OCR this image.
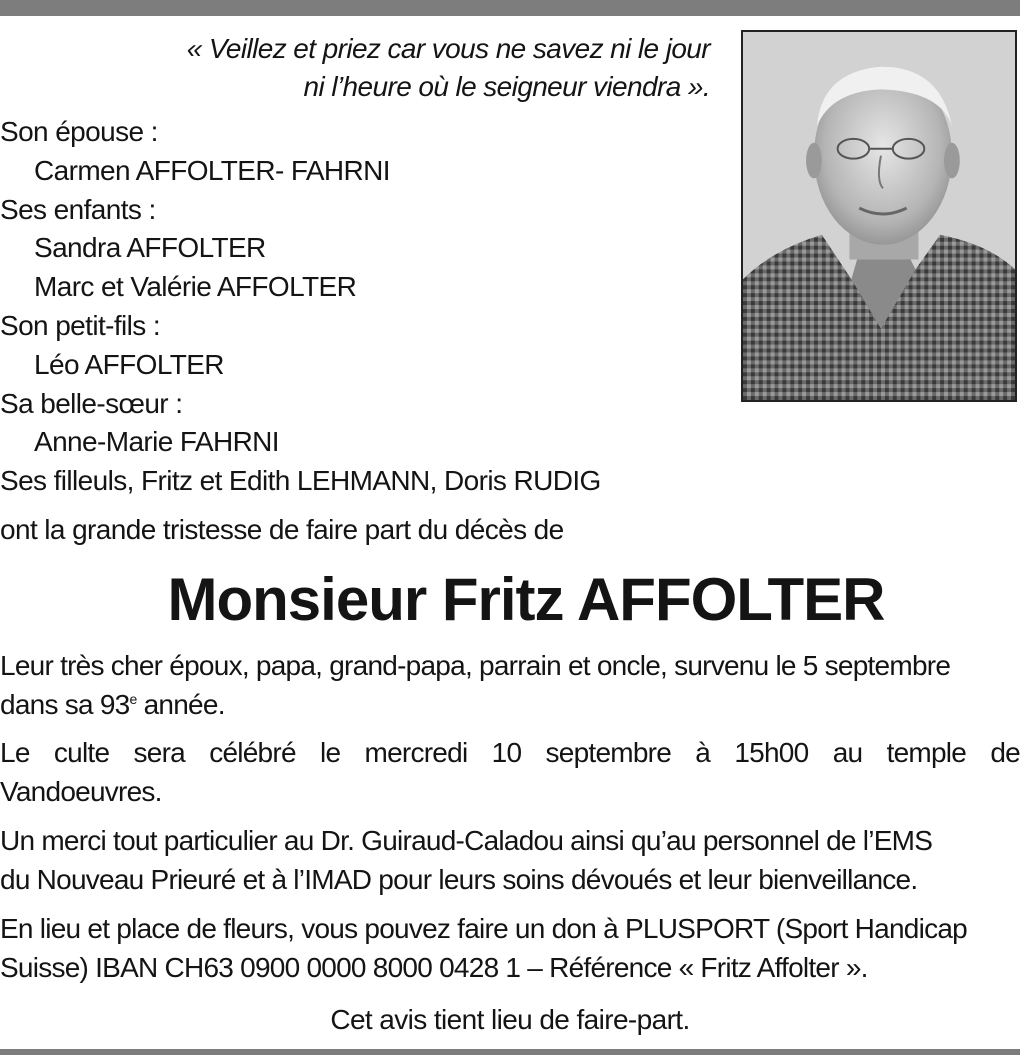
« Veillez et priez car vous ne savez ni le jour
ni l’heure où le seigneur viendra ».
Son épouse :
Carmen AFFOLTER- FAHRNI
Ses enfants :
Sandra AFFOLTER
Marc et Valérie AFFOLTER
Son petit-fils :
Léo AFFOLTER
Sa belle-sœur :
Anne-Marie FAHRNI
Ses filleuls, Fritz et Edith LEHMANN, Doris RUDIG
ont la grande tristesse de faire part du décès de
Monsieur Fritz AFFOLTER
Leur très cher époux, papa, grand-papa, parrain et oncle, survenu le 5 septembre
dans sa 93e année.
Le culte sera célébré le mercredi 10 septembre à 15h00 au temple de
Vandoeuvres.
Un merci tout particulier au Dr. Guiraud-Caladou ainsi qu’au personnel de l’EMS
du Nouveau Prieuré et à l’IMAD pour leurs soins dévoués et leur bienveillance.
En lieu et place de fleurs, vous pouvez faire un don à PLUSPORT (Sport Handicap
Suisse) IBAN CH63 0900 0000 8000 0428 1 – Référence « Fritz Affolter ».
Cet avis tient lieu de faire-part.
